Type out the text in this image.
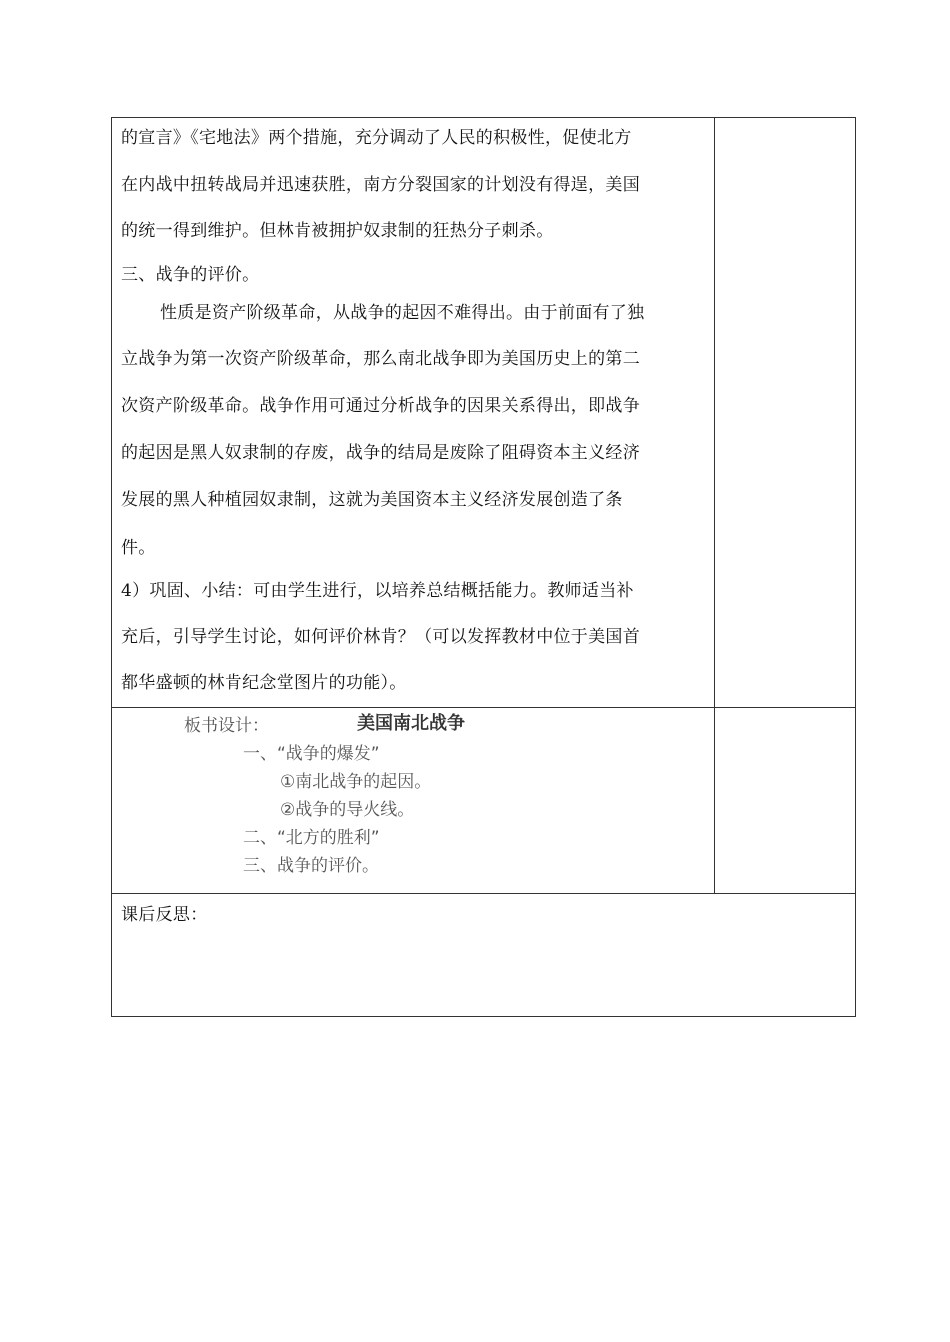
的宣言》《宅地法》两个措施，充分调动了人民的积极性，促使北方
在内战中扭转战局并迅速获胜，南方分裂国家的计划没有得逞，美国
的统一得到维护。但林肯被拥护奴隶制的狂热分子刺杀。
三、战争的评价。
性质是资产阶级革命，从战争的起因不难得出。由于前面有了独
立战争为第一次资产阶级革命，那么南北战争即为美国历史上的第二
次资产阶级革命。战争作用可通过分析战争的因果关系得出，即战争
的起因是黑人奴隶制的存废，战争的结局是废除了阻碍资本主义经济
发展的黑人种植园奴隶制，这就为美国资本主义经济发展创造了条
件。
4）巩固、小结：可由学生进行，以培养总结概括能力。教师适当补
充后，引导学生讨论，如何评价林肯？（可以发挥教材中位于美国首
都华盛顿的林肯纪念堂图片的功能）。
板书设计：	美国南北战争
一、“战争的爆发”
①南北战争的起因。
②战争的导火线。
二、“北方的胜利”
三、战争的评价。
课后反思：
